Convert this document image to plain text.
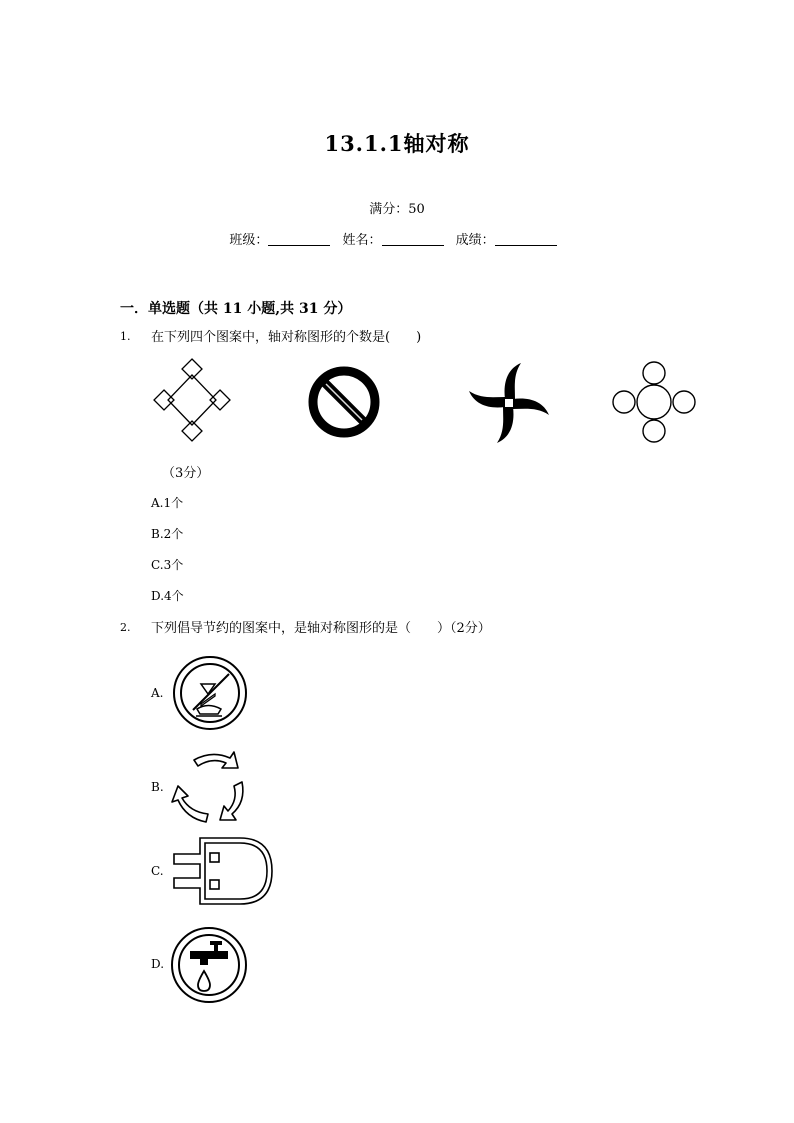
13.1.1轴对称
满分：50
班级：	姓名：	成绩：
一．单选题（共 11 小题,共 31 分）
1. 在下列四个图案中，轴对称图形的个数是(　　)
（3分）
A.1个
B.2个
C.3个
D.4个
2. 下列倡导节约的图案中，是轴对称图形的是（　　）（2分）
A.
B.
C.
D.
